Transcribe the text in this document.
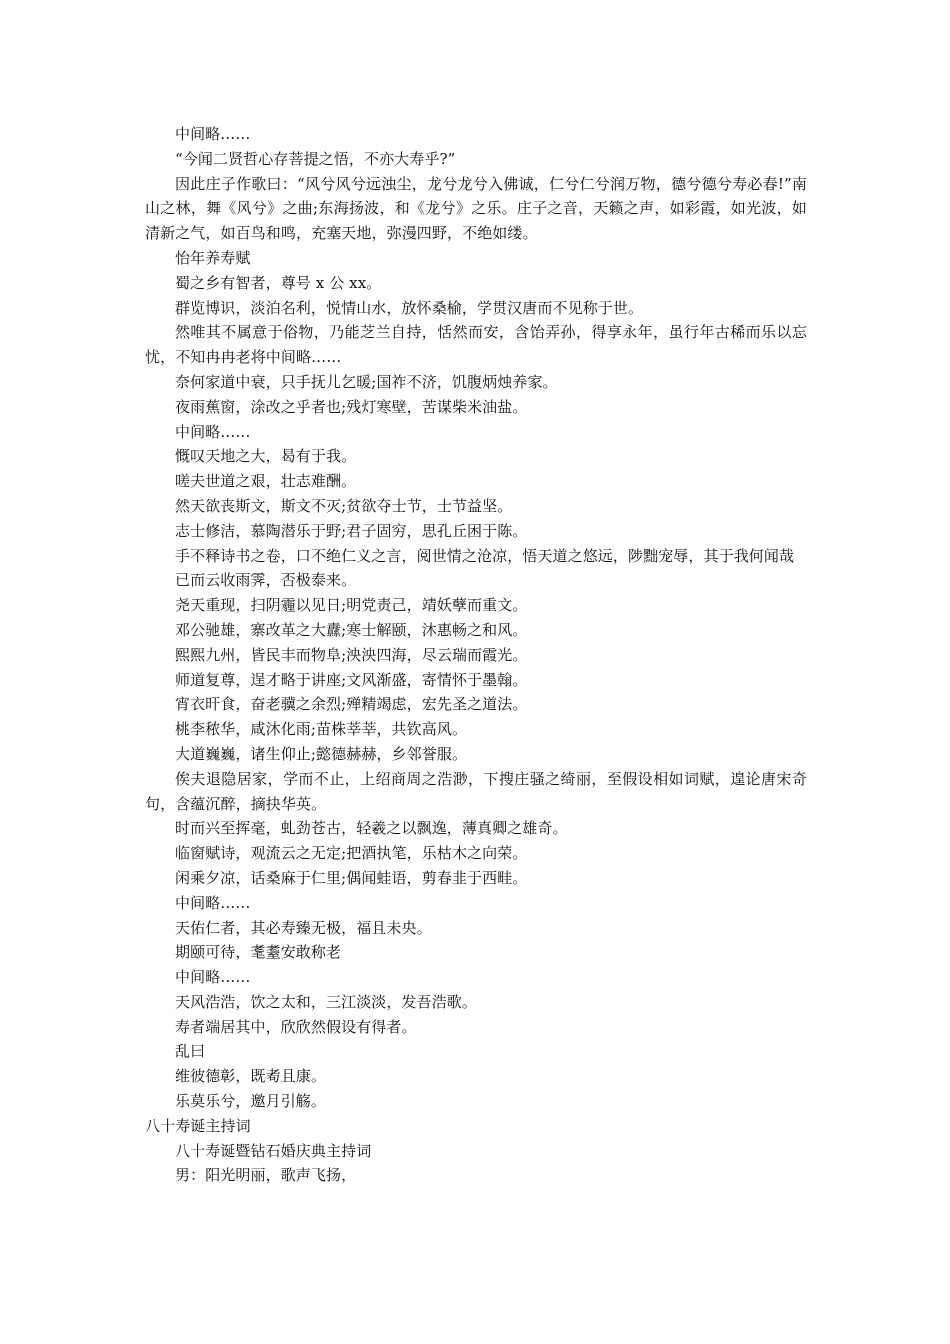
中间略……

“今闻二贤哲心存菩提之悟，不亦大寿乎?”

因此庄子作歌曰：“风兮风兮远浊尘，龙兮龙兮入佛诚，仁兮仁兮润万物，德兮德兮寿必春!”南山之林，舞《风兮》之曲;东海扬波，和《龙兮》之乐。庄子之音，天籁之声，如彩霞，如光波，如清新之气，如百鸟和鸣，充塞天地，弥漫四野，不绝如缕。

怡年养寿赋

蜀之乡有智者，尊号 x 公 xx。

群览博识，淡泊名利，悦情山水，放怀桑榆，学贯汉唐而不见称于世。

然唯其不属意于俗物，乃能芝兰自持，恬然而安，含饴弄孙，得享永年，虽行年古稀而乐以忘忧，不知冉冉老将中间略……

奈何家道中衰，只手抚儿乞暖;国祚不济，饥腹炳烛养家。

夜雨蕉窗，涂改之乎者也;残灯寒壁，苦谋柴米油盐。

中间略……

慨叹天地之大，曷有于我。

嗟夫世道之艰，壮志难酬。

然天欲丧斯文，斯文不灭;贫欲夺士节，士节益坚。

志士修洁，慕陶潜乐于野;君子固穷，思孔丘困于陈。

手不释诗书之卷，口不绝仁义之言，阅世情之沧凉，悟天道之悠远，陟黜宠辱，其于我何闻哉

已而云收雨霁，否极泰来。

尧天重现，扫阴霾以见日;明党责己，靖妖孽而重文。

邓公驰雄，寨改革之大纛;寒士解颐，沐惠畅之和风。

熙熙九州，皆民丰而物阜;泱泱四海，尽云瑞而霞光。

师道复尊，逞才略于讲座;文风渐盛，寄情怀于墨翰。

宵衣旰食，奋老骥之余烈;殚精竭虑，宏先圣之道法。

桃李秾华，咸沐化雨;苗株莘莘，共钦高风。

大道巍巍，诸生仰止;懿德赫赫，乡邻誉服。

俟夫退隐居家，学而不止，上绍商周之浩渺，下搜庄骚之绮丽，至假设相如词赋，遑论唐宋奇句，含蕴沉醉，摘抉华英。

时而兴至挥毫，虬劲苍古，轻羲之以飘逸，薄真卿之雄奇。

临窗赋诗，观流云之无定;把酒执笔，乐枯木之向荣。

闲乘夕凉，话桑麻于仁里;偶闻蛙语，剪春韭于西畦。

中间略……

天佑仁者，其必寿臻无极，福且未央。

期颐可待，耄耋安敢称老

中间略……

天风浩浩，饮之太和，三江淡淡，发吾浩歌。

寿者端居其中，欣欣然假设有得者。

乱曰

维彼德彰，既耇且康。

乐莫乐兮，邀月引觞。

八十寿诞主持词

八十寿诞暨钻石婚庆典主持词

男：阳光明丽，歌声飞扬，
